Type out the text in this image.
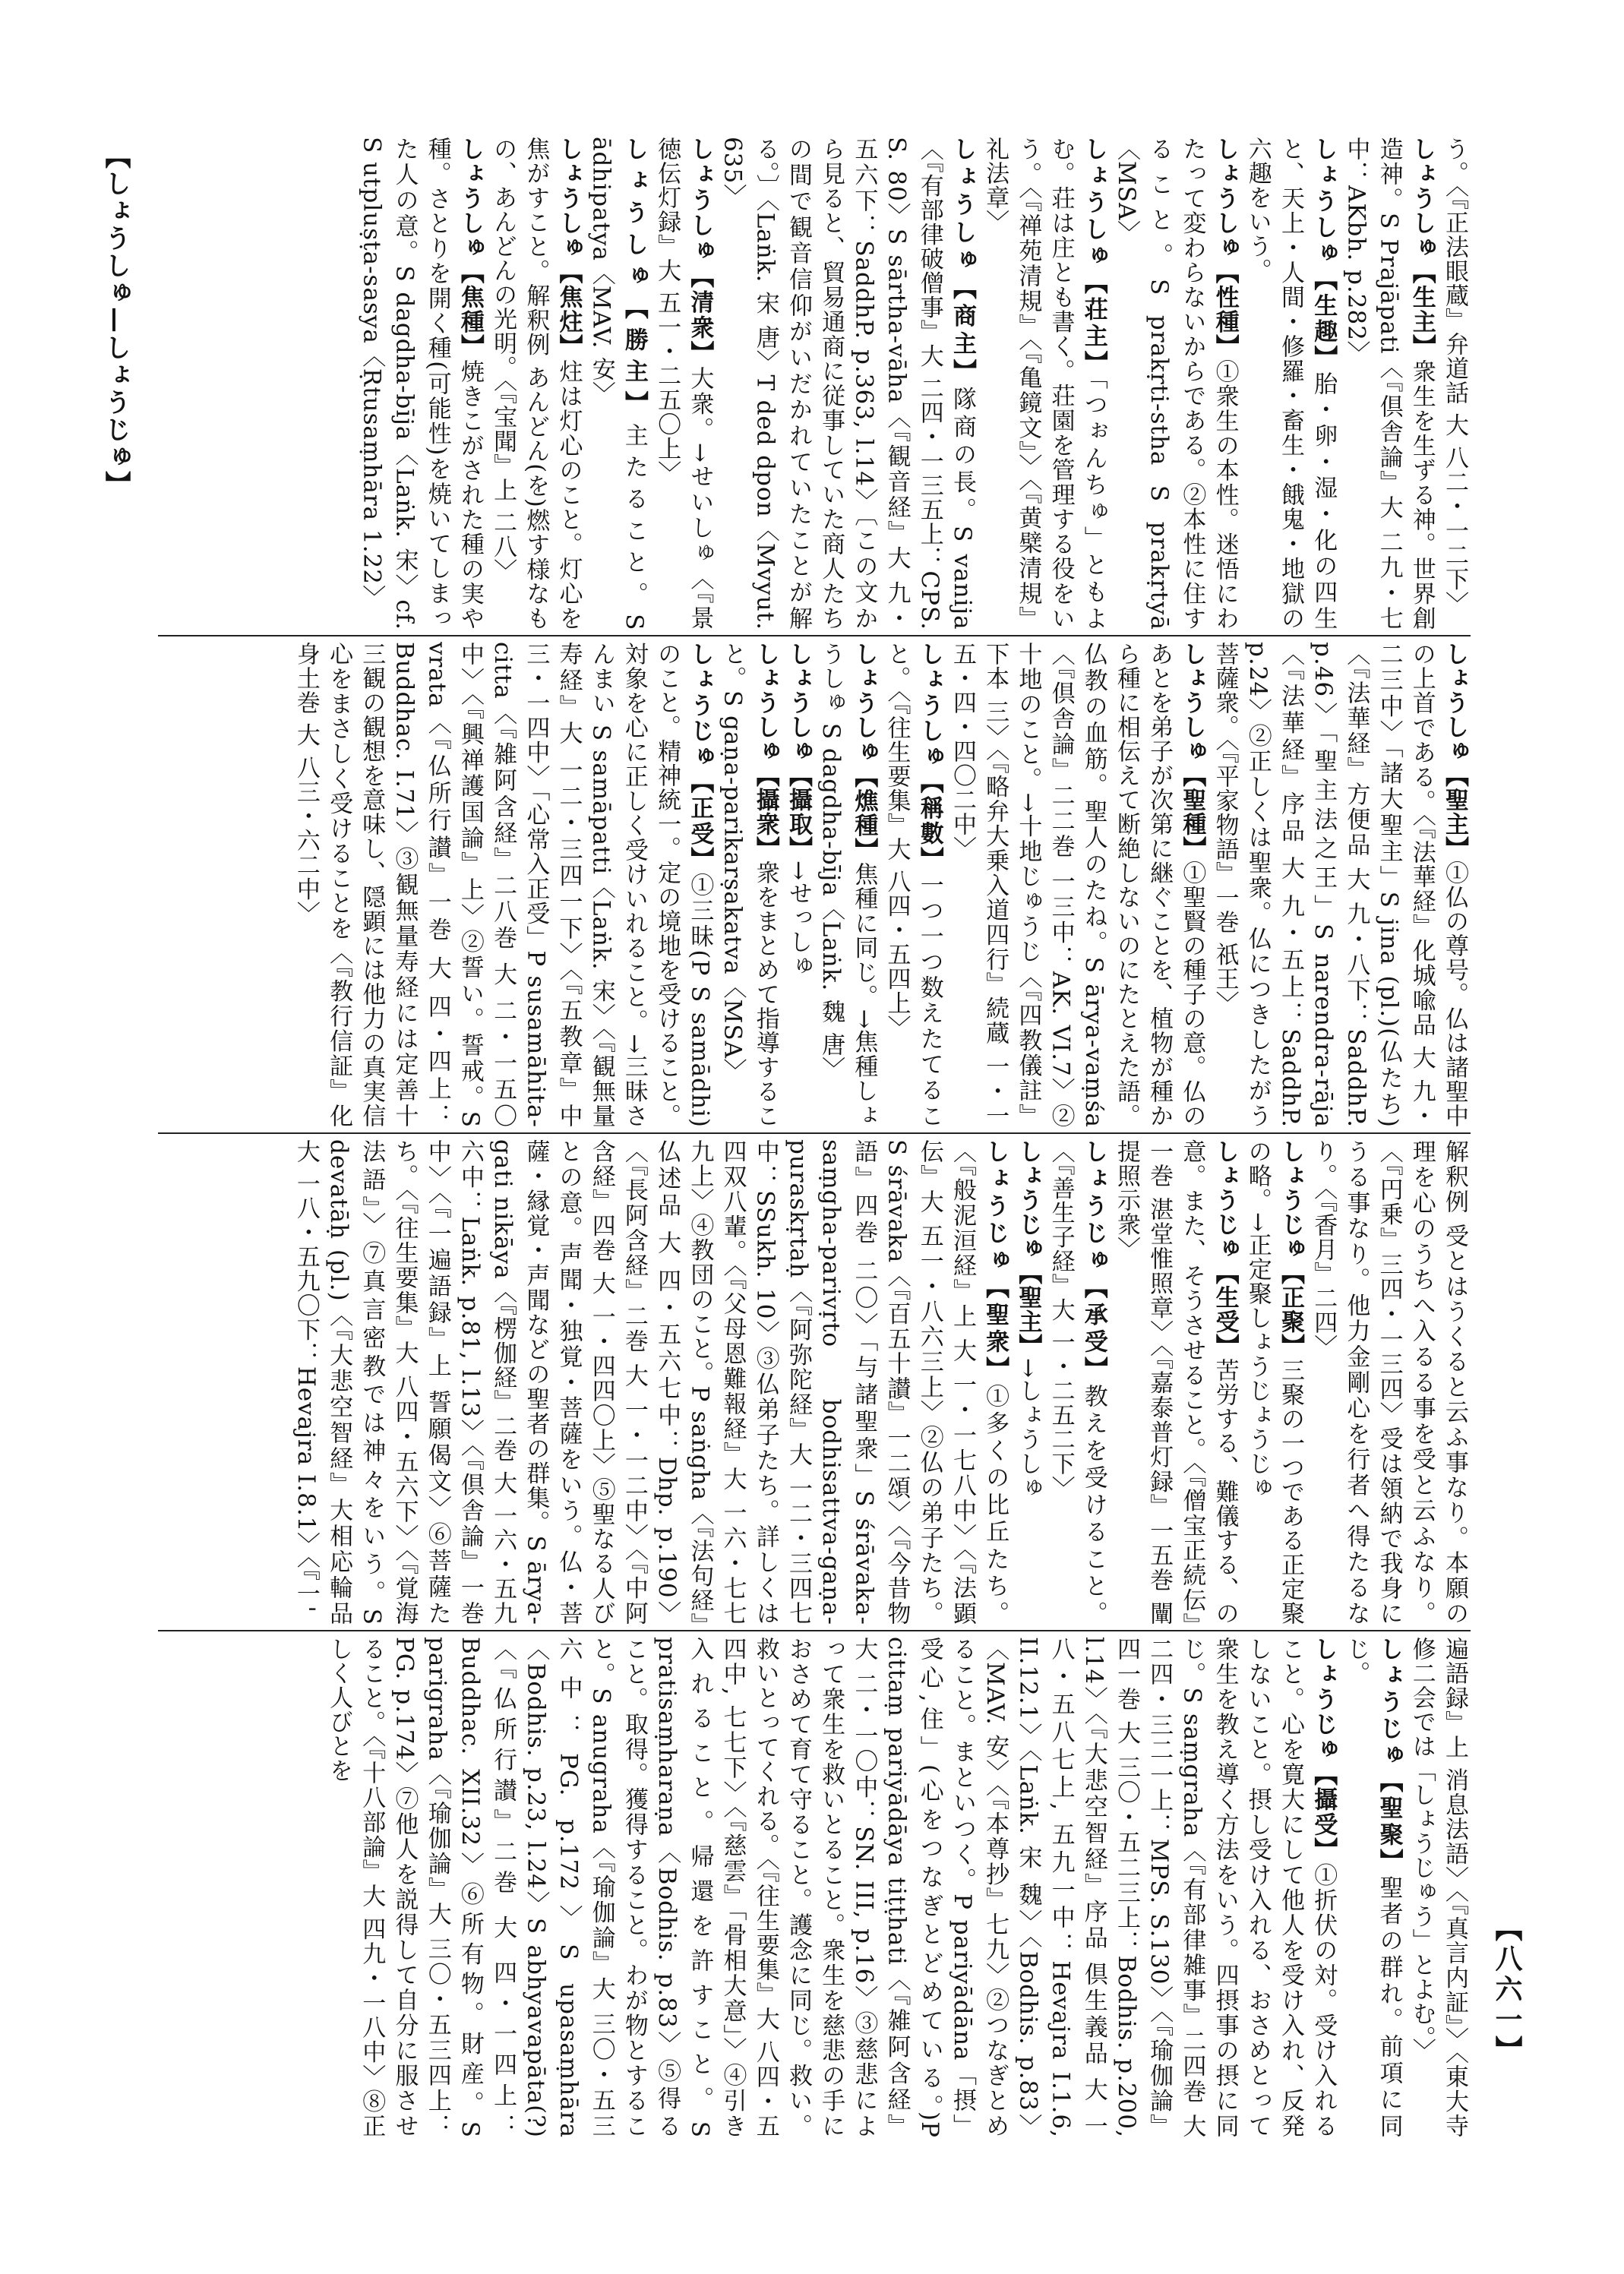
【しょうしゅ—しょうじゅ】	う。〈『正法眼蔵』弁道話 大 八二・一二下〉
しょうしゅ【生主】衆生を生ずる神。世界創造神。S Prajāpati〈『倶舎論』大 二九・七中：AKbh. p.282〉
しょうしゅ【生趣】胎・卵・湿・化の四生と、天上・人間・修羅・畜生・餓鬼・地獄の六趣をいう。
しょうしゅ【性種】①衆生の本性。迷悟にわたって変わらないからである。②本性に住すること。S prakṛti-stha S prakṛtyā〈MSA〉
しょうしゅ【荘主】「つぉんちゅ」ともよむ。荘は庄とも書く。荘園を管理する役をいう。〈『禅苑清規』〈『亀鏡文』〉〈『黄檗清規』礼法章〉
しょうしゅ【商主】隊商の長。S vanija〈『有部律破僧事』大 二四・一三五上：CPS. S. 80〉S sārtha-vāha〈『観音経』大 九・五六下：SaddhP. p.363, l.14〉〔この文から見ると、貿易通商に従事していた商人たちの間で観音信仰がいだかれていたことが解る。〕〈Laṅk. 宋 唐〉T ded dpon〈Mvyut. 635〉
しょうしゅ【清衆】大衆。→せいしゅ〈『景徳伝灯録』大 五一・二五〇上〉
しょうしゅ【勝主】主たること。S ādhipatya〈MAV. 安〉
しょうしゅ【焦炷】炷は灯心のこと。灯心を焦がすこと。解釈例 あんどん(を)燃す様なもの、あんどんの光明。〈『宝聞』上 二八〉
しょうしゅ【焦種】焼きこがされた種の実や種。さとりを開く種(可能性)を焼いてしまった人の意。S dagdha-bīja〈Laṅk. 宋〉cf. S utpluṣṭa-sasya〈Ṛtusaṃhāra 1.22〉
しょうしゅ【聖主】①仏の尊号。仏は諸聖中の上首である。〈『法華経』化城喩品 大 九・二三中〉「諸大聖主」S jina (pl.)(仏たち)〈『法華経』方便品 大 九・八下：SaddhP. p.46〉「聖主法之王」S narendra-rāja〈『法華経』序品 大 九・五上：SaddhP. p.24〉②正しくは聖衆。仏につきしたがう菩薩衆。〈『平家物語』一巻 祇王〉
しょうしゅ【聖種】①聖賢の種子の意。仏のあとを弟子が次第に継ぐことを、植物が種から種に相伝えて断絶しないのにたとえた語。仏教の血筋。聖人のたね。S ārya-vaṃśa〈『倶舎論』二二巻 一三中：AK. VI.7〉②十地のこと。→十地じゅうじ〈『四教儀註』下本 三〉〈『略弁大乗入道四行』続蔵 一・一五・四・四〇二中〉
しょうしゅ【稱數】一つ一つ数えたてること。〈『往生要集』大 八四・五四上〉
しょうしゅ【燋種】焦種に同じ。→焦種しょうしゅ S dagdha-bīja〈Laṅk. 魏 唐〉
しょうしゅ【攝取】→せっしゅ
しょうしゅ【攝衆】衆をまとめて指導すること。S gaṇa-parikarṣakatva〈MSA〉
しょうじゅ【正受】①三昧(P S samādhi)のこと。精神統一。定の境地を受けること。対象を心に正しく受けいれること。→三昧さんまい S samāpatti〈Laṅk. 宋〉〈『観無量寿経』大 一二・三四一下〉〈『五教章』中 三・一四中〉「心常入正受」P susamāhita-citta〈『雑阿含経』二八巻 大 二・一五〇中〉〈『興禅護国論』上〉②誓い。誓戒。S vrata〈『仏所行讃』一巻 大 四・四上：Buddhac. I.71〉③観無量寿経には定善十三観の観想を意味し、隠顕には他力の真実信心をまさしく受けることを〈『教行信証』化身土巻 大 八三・六二中〉
解釈例 受とはうくると云ふ事なり。本願の理を心のうちへ入るる事を受と云ふなり。〈『円乗』三四・一三四〉受は領納で我身にうる事なり。他力金剛心を行者へ得たるなり。〈『香月』二四〉
しょうじゅ【正聚】三聚の一つである正定聚の略。→正定聚しょうじょうじゅ
しょうじゅ【生受】苦労する、難儀する、の意。また、そうさせること。〈『僧宝正続伝』一巻 湛堂惟照章〉〈『嘉泰普灯録』一五巻 闡提照示衆〉
しょうじゅ【承受】教えを受けること。〈『善生子経』大 一・二五二下〉
しょうじゅ【聖主】→しょうしゅ
しょうじゅ【聖衆】①多くの比丘たち。〈『般泥洹経』上 大 一・一七八中〉〈『法顕伝』大 五一・八六三上〉②仏の弟子たち。S śrāvaka〈『百五十讃』一二頌〉〈『今昔物語』四巻 二〇〉「与諸聖衆」S śrāvaka-saṃgha-parivṛto bodhisattva-gaṇa-puraskṛtaḥ〈『阿弥陀経』大 一二・三四七中：SSukh. 10〉③仏弟子たち。詳しくは四双八輩。〈『父母恩難報経』大 一六・七七九上〉④教団のこと。P saṅgha〈『法句経』仏述品 大 四・五六七中：Dhp. p.190〉〈『長阿含経』二巻 大 一・一二中〉〈『中阿含経』四巻 大 一・四四〇上〉⑤聖なる人びとの意。声聞・独覚・菩薩をいう。仏・菩薩・縁覚・声聞などの聖者の群集。S ārya-gati nikāya〈『楞伽経』二巻 大 一六・五九六中：Laṅk. p.81, l.13〉〈『倶舎論』一巻 中〉〈『一遍語録』上 誓願偈文〉⑥菩薩たち。〈『往生要集』大 八四・五六下〉〈『覚海法語』〉⑦真言密教では神々をいう。S devatāḥ (pl.)〈『大悲空智経』大相応輪品 大 一八・五九〇下：Hevajra I.8.1〉〈『一'
遍語録』上 消息法語〉〈『真言内証』〉〈東大寺修二会では「しょうじゅう」とよむ。〉
しょうじゅ【聖聚】聖者の群れ。前項に同じ。
しょうじゅ【攝受】①折伏の対。受け入れること。心を寛大にして他人を受け入れ、反発しないこと。摂し受け入れる、おさめとって衆生を教え導く方法をいう。四摂事の摂に同じ。S saṃgraha〈『有部律雑事』二四巻 大 二四・三二一上：MPS. S.130〉〈『瑜伽論』四一巻 大 三〇・五二三上：Bodhis. p.200, l.14〉〈『大悲空智経』序品 倶生義品 大 一八・五八七上, 五九一中：Hevajra I.1.6, II.12.1〉〈Laṅk. 宋 魏〉〈Bodhis. p.83〉〈MAV. 安〉〈『本尊抄』七九〉②つなぎとめること。まといつく。P pariyādāna「摂」受心,住」(心をつなぎとどめている。)P cittaṃ pariyādāya tiṭṭhati〈『雑阿含経』大 二・一〇中：SN. III, p.16〉③慈悲によって衆生を救いとること。衆生を慈悲の手におさめて育て守ること。護念に同じ。救い。救いとってくれる。〈『往生要集』大 八四・五四中, 七七下〉〈『慈雲』「骨相大意」〉④引き入れること。帰還を許すこと。S pratisaṃharaṇa〈Bodhis. p.83〉⑤得ること。取得。獲得すること。わが物とすること。S anugraha〈『瑜伽論』大 三〇・五三六中：PG. p.172〉S upasaṃhāra〈Bodhis. p.23, l.24〉S abhyavapāta(?)〈『仏所行讃』二巻 大 四・一四上：Buddhac. XII.32〉⑥所有物。財産。S parigraha〈『瑜伽論』大 三〇・五三四上：PG. p.174〉⑦他人を説得して自分に服させること。〈『十八部論』大 四九・一八中〉⑧正しく人びとを
【八六一】
